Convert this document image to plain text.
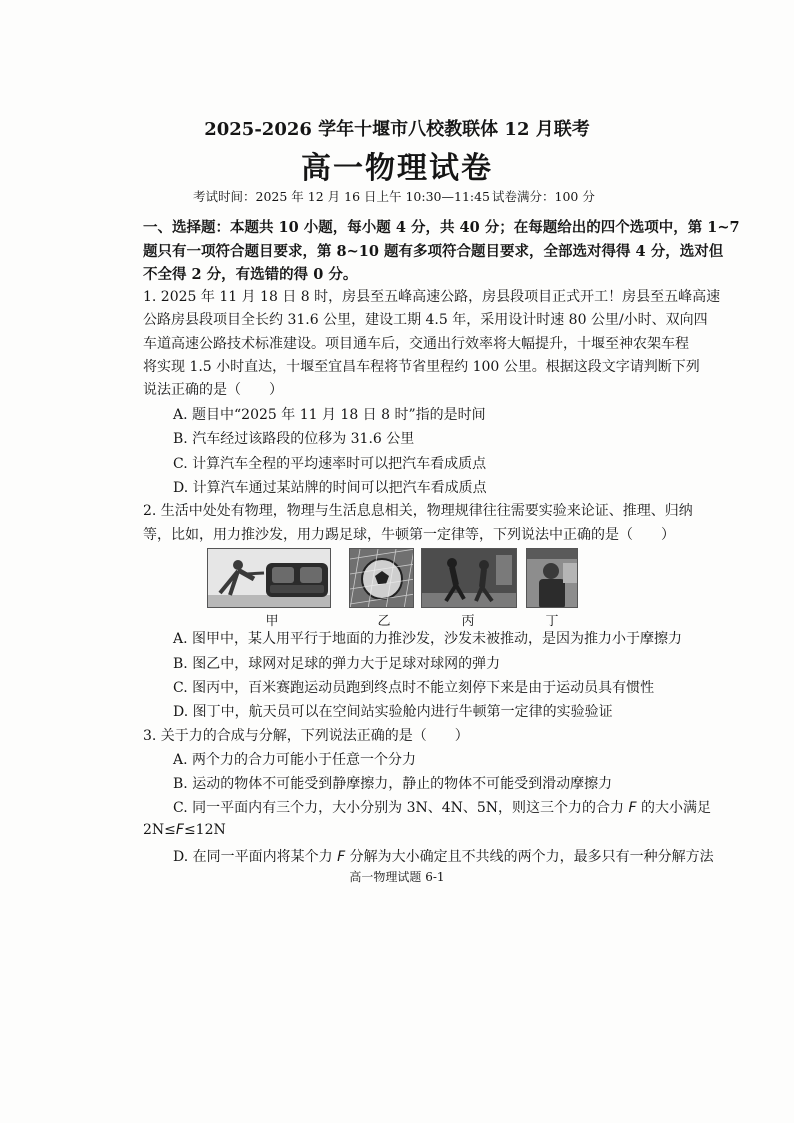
2025-2026 学年十堰市八校教联体 12 月联考
高一物理试卷
考试时间：2025 年 12 月 16 日上午 10:30—11:45 试卷满分：100 分
一、选择题：本题共 10 小题，每小题 4 分，共 40 分；在每题给出的四个选项中，第 1~7
题只有一项符合题目要求，第 8~10 题有多项符合题目要求，全部选对得得 4 分，选对但
不全得 2 分，有选错的得 0 分。
1. 2025 年 11 月 18 日 8 时，房县至五峰高速公路，房县段项目正式开工！房县至五峰高速
公路房县段项目全长约 31.6 公里，建设工期 4.5 年，采用设计时速 80 公里/小时、双向四
车道高速公路技术标准建设。项目通车后，交通出行效率将大幅提升，十堰至神农架车程
将实现 1.5 小时直达，十堰至宜昌车程将节省里程约 100 公里。根据这段文字请判断下列
说法正确的是（　　）
A. 题目中“2025 年 11 月 18 日 8 时”指的是时间
B. 汽车经过该路段的位移为 31.6 公里
C. 计算汽车全程的平均速率时可以把汽车看成质点
D. 计算汽车通过某站牌的时间可以把汽车看成质点
2. 生活中处处有物理，物理与生活息息相关，物理规律往往需要实验来论证、推理、归纳
等，比如，用力推沙发，用力踢足球，牛顿第一定律等，下列说法中正确的是（　　）
甲	乙	丙	丁
A. 图甲中，某人用平行于地面的力推沙发，沙发未被推动，是因为推力小于摩擦力
B. 图乙中，球网对足球的弹力大于足球对球网的弹力
C. 图丙中，百米赛跑运动员跑到终点时不能立刻停下来是由于运动员具有惯性
D. 图丁中，航天员可以在空间站实验舱内进行牛顿第一定律的实验验证
3. 关于力的合成与分解，下列说法正确的是（　　）
A. 两个力的合力可能小于任意一个分力
B. 运动的物体不可能受到静摩擦力，静止的物体不可能受到滑动摩擦力
C. 同一平面内有三个力，大小分别为 3N、4N、5N，则这三个力的合力 F 的大小满足
2N≤F≤12N
D. 在同一平面内将某个力 F 分解为大小确定且不共线的两个力，最多只有一种分解方法
高一物理试题 6-1
